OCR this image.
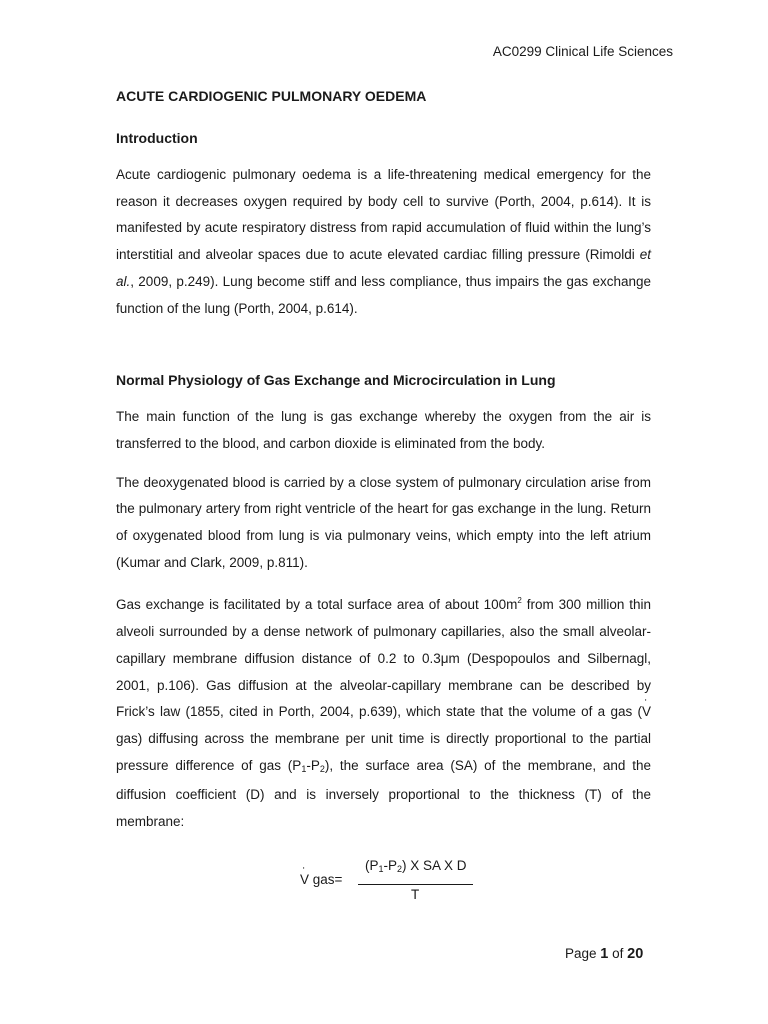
AC0299 Clinical Life Sciences
ACUTE CARDIOGENIC PULMONARY OEDEMA
Introduction

Acute cardiogenic pulmonary oedema is a life-threatening medical emergency for the reason it decreases oxygen required by body cell to survive (Porth, 2004, p.614). It is manifested by acute respiratory distress from rapid accumulation of fluid within the lung’s interstitial and alveolar spaces due to acute elevated cardiac filling pressure (Rimoldi et al., 2009, p.249). Lung become stiff and less compliance, thus impairs the gas exchange function of the lung (Porth, 2004, p.614).

Normal Physiology of Gas Exchange and Microcirculation in Lung

The main function of the lung is gas exchange whereby the oxygen from the air is transferred to the blood, and carbon dioxide is eliminated from the body.

The deoxygenated blood is carried by a close system of pulmonary circulation arise from the pulmonary artery from right ventricle of the heart for gas exchange in the lung. Return of oxygenated blood from lung is via pulmonary veins, which empty into the left atrium (Kumar and Clark, 2009, p.811).

Gas exchange is facilitated by a total surface area of about $100m^2$ from 300 million thin alveoli surrounded by a dense network of pulmonary capillaries, also the small alveolar-capillary membrane diffusion distance of 0.2 to 0.3μm (Despopoulos and Silbernagl, 2001, p.106). Gas diffusion at the alveolar-capillary membrane can be described by Frick’s law (1855, cited in Porth, 2004, p.639), which state that the volume of a gas (˙ Vgas) diffusing across the membrane per unit time is directly proportional to the partial pressure difference of gas $(P_1-P_2)$, the surface area (SA) of the membrane, and the diffusion coefficient (D) and is inversely proportional to the thickness (T) of the membrane:

˙ V gas=
$(P_1-P_2)$ X SA X D
T
Page 1 of 20
